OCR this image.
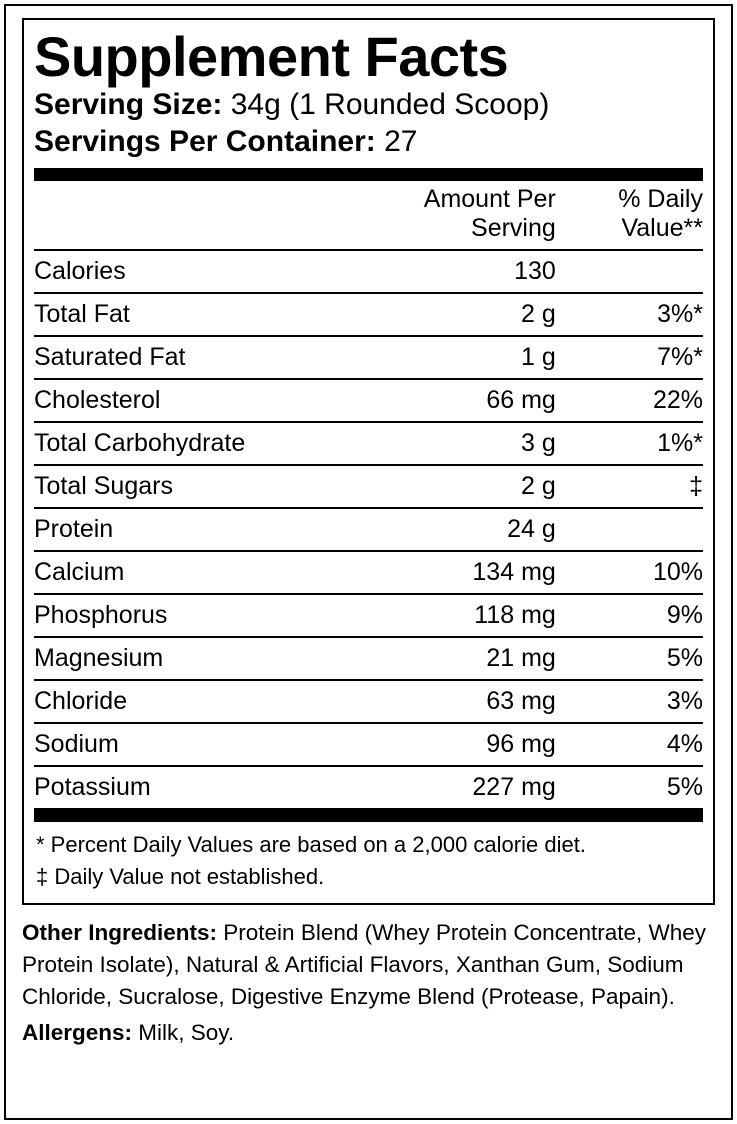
Supplement Facts
Serving Size: 34g (1 Rounded Scoop)
Servings Per Container: 27
	Amount Per Serving	% Daily Value**
Calories	130	
Total Fat	2 g	3%*
Saturated Fat	1 g	7%*
Cholesterol	66 mg	22%
Total Carbohydrate	3 g	1%*
Total Sugars	2 g	‡
Protein	24 g	
Calcium	134 mg	10%
Phosphorus	118 mg	9%
Magnesium	21 mg	5%
Chloride	63 mg	3%
Sodium	96 mg	4%
Potassium	227 mg	5%
* Percent Daily Values are based on a 2,000 calorie diet.
‡ Daily Value not established.
Other Ingredients: Protein Blend (Whey Protein Concentrate, Whey Protein Isolate), Natural & Artificial Flavors, Xanthan Gum, Sodium Chloride, Sucralose, Digestive Enzyme Blend (Protease, Papain).
Allergens: Milk, Soy.
